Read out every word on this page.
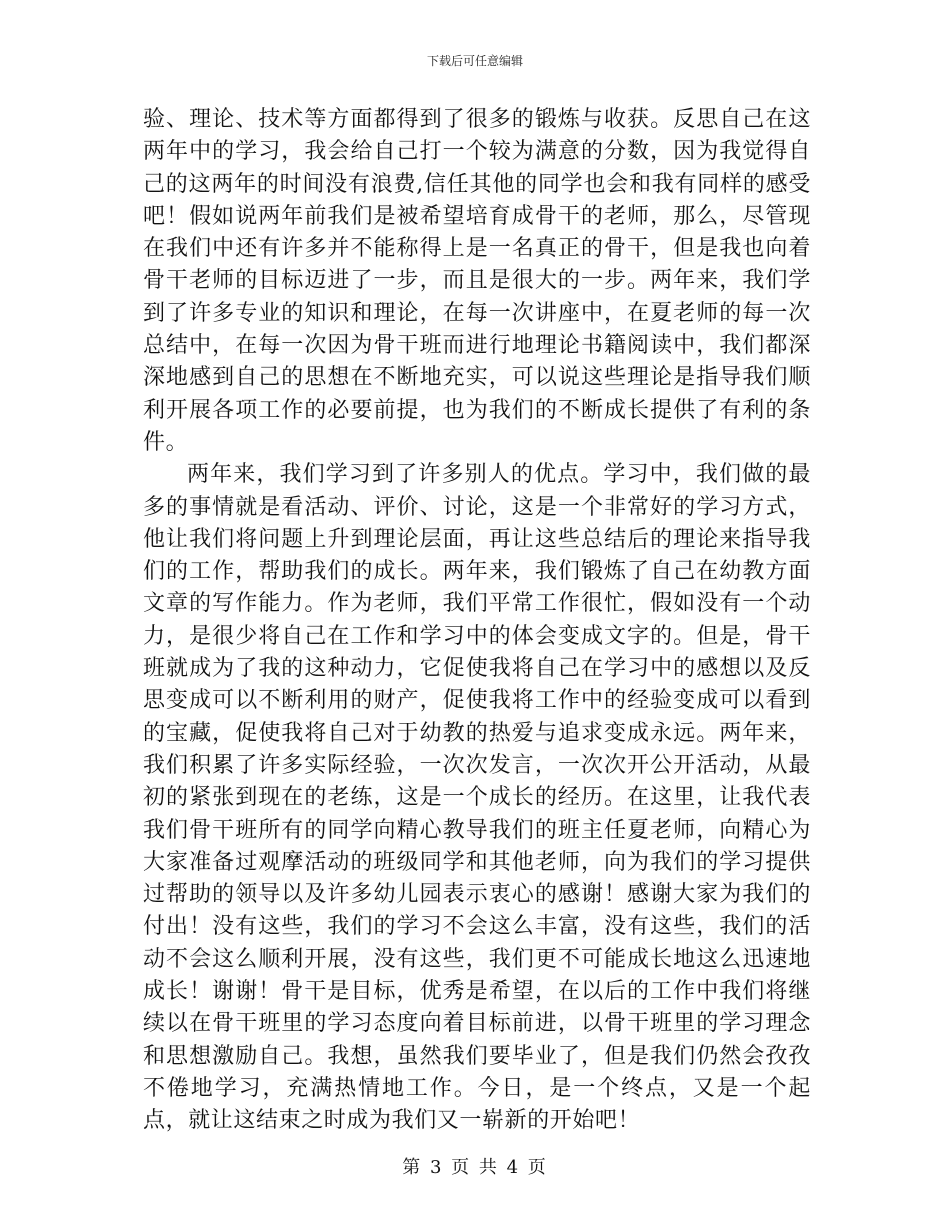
下载后可任意编辑

验、理论、技术等方面都得到了很多的锻炼与收获。反思自己在这两年中的学习，我会给自己打一个较为满意的分数，因为我觉得自己的这两年的时间没有浪费,信任其他的同学也会和我有同样的感受吧！假如说两年前我们是被希望培育成骨干的老师，那么，尽管现在我们中还有许多并不能称得上是一名真正的骨干，但是我也向着骨干老师的目标迈进了一步，而且是很大的一步。两年来，我们学到了许多专业的知识和理论，在每一次讲座中，在夏老师的每一次总结中，在每一次因为骨干班而进行地理论书籍阅读中，我们都深深地感到自己的思想在不断地充实，可以说这些理论是指导我们顺利开展各项工作的必要前提，也为我们的不断成长提供了有利的条件。

两年来，我们学习到了许多别人的优点。学习中，我们做的最多的事情就是看活动、评价、讨论，这是一个非常好的学习方式，他让我们将问题上升到理论层面，再让这些总结后的理论来指导我们的工作，帮助我们的成长。两年来，我们锻炼了自己在幼教方面文章的写作能力。作为老师，我们平常工作很忙，假如没有一个动力，是很少将自己在工作和学习中的体会变成文字的。但是，骨干班就成为了我的这种动力，它促使我将自己在学习中的感想以及反思变成可以不断利用的财产，促使我将工作中的经验变成可以看到的宝藏，促使我将自己对于幼教的热爱与追求变成永远。两年来，我们积累了许多实际经验，一次次发言，一次次开公开活动，从最初的紧张到现在的老练，这是一个成长的经历。在这里，让我代表我们骨干班所有的同学向精心教导我们的班主任夏老师，向精心为大家准备过观摩活动的班级同学和其他老师，向为我们的学习提供过帮助的领导以及许多幼儿园表示衷心的感谢！感谢大家为我们的付出！没有这些，我们的学习不会这么丰富，没有这些，我们的活动不会这么顺利开展，没有这些，我们更不可能成长地这么迅速地成长！谢谢！骨干是目标，优秀是希望，在以后的工作中我们将继续以在骨干班里的学习态度向着目标前进，以骨干班里的学习理念和思想激励自己。我想，虽然我们要毕业了，但是我们仍然会孜孜不倦地学习，充满热情地工作。今日，是一个终点，又是一个起点，就让这结束之时成为我们又一崭新的开始吧！

第 3 页 共 4 页
